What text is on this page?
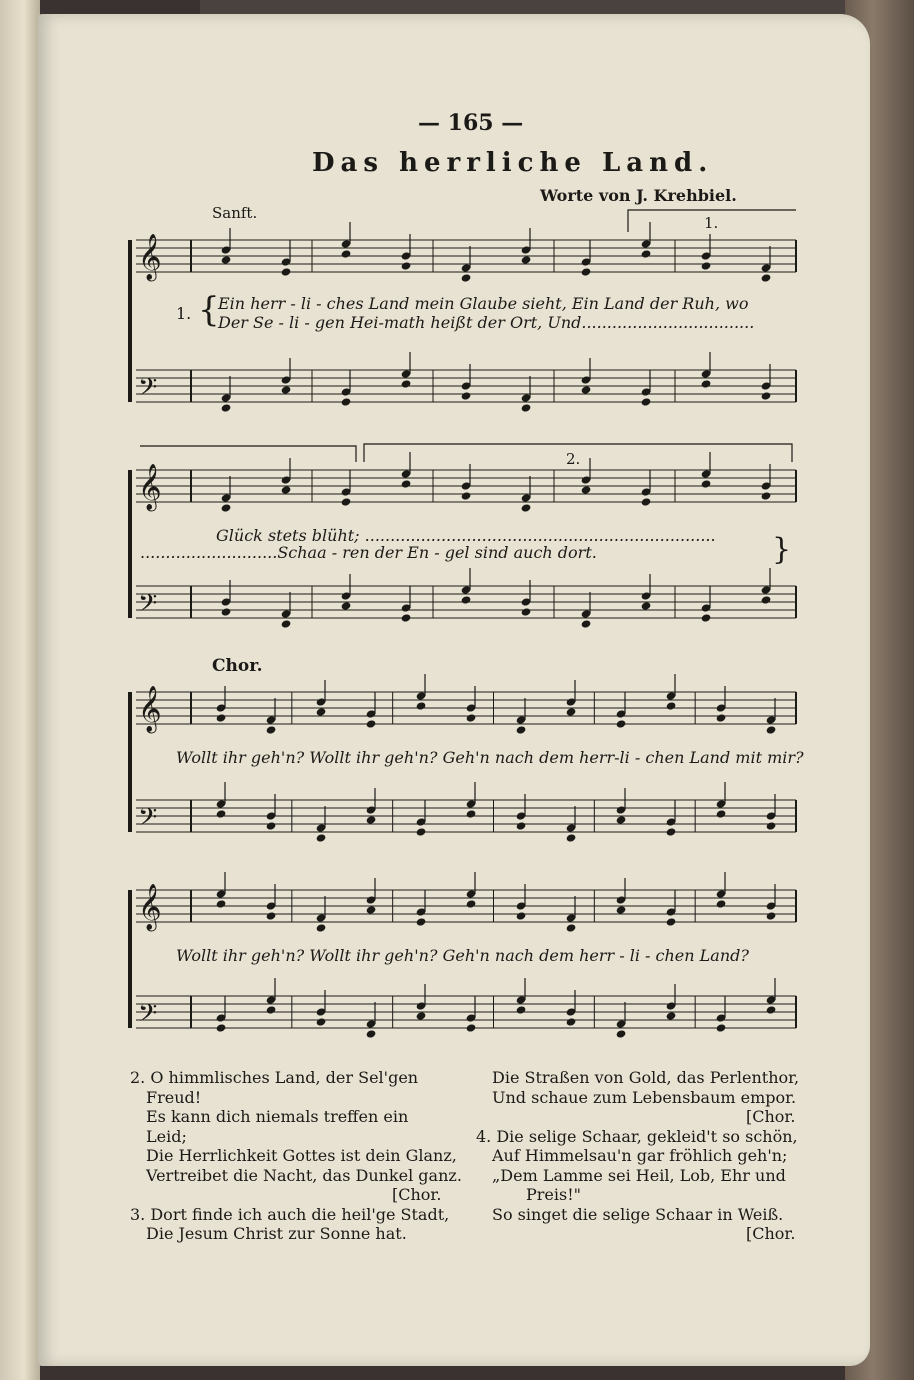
𝄞
𝄢
𝄞
𝄢
𝄞
𝄢
𝄞
𝄢
— 165 —
Das herrliche Land.
Worte von J. Krehbiel.
Sanft.
1.
2.
1. {
Ein herr - li - ches Land mein Glaube sieht, Ein Land der Ruh, wo
Der Se - li - gen Hei-math heißt der Ort, Und..................................
Glück stets blüht; .....................................................................
...........................Schaa - ren der En - gel sind auch dort.	}
Chor.
Wollt ihr geh'n? Wollt ihr geh'n? Geh'n nach dem herr-li - chen Land mit mir?
Wollt ihr geh'n? Wollt ihr geh'n? Geh'n nach dem herr - li - chen Land?
2. O himmlisches Land, der Sel'gen
Freud!
Es kann dich niemals treffen ein
Leid;
Die Herrlichkeit Gottes ist dein Glanz,
Vertreibet die Nacht, das Dunkel ganz.
[Chor.
3. Dort finde ich auch die heil'ge Stadt,
Die Jesum Christ zur Sonne hat.
Die Straßen von Gold, das Perlenthor,
Und schaue zum Lebensbaum empor.
[Chor.
4. Die selige Schaar, gekleid't so schön,
Auf Himmelsau'n gar fröhlich geh'n;
„Dem Lamme sei Heil, Lob, Ehr und
Preis!"
So singet die selige Schaar in Weiß.
[Chor.
